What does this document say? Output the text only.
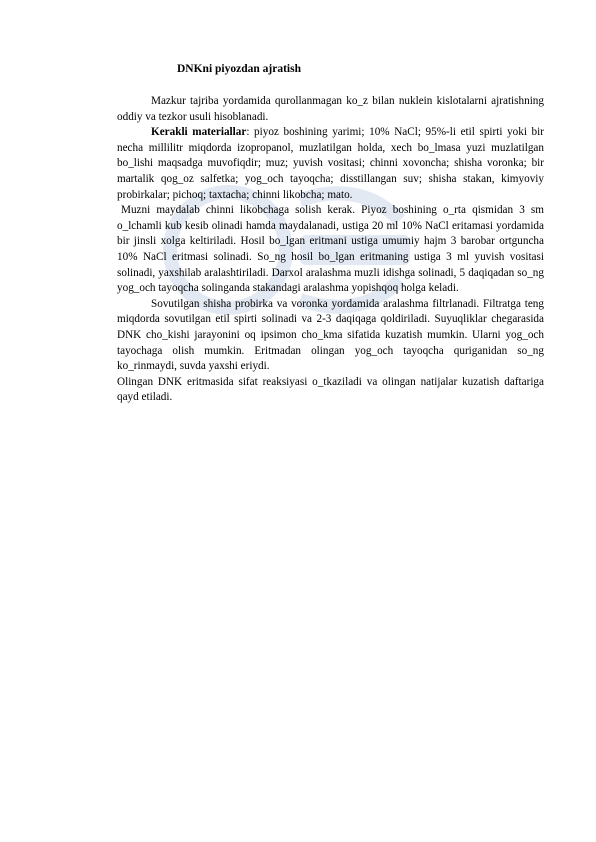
DNKni piyozdan ajratish

Mazkur tajriba yordamida qurollanmagan ko_z bilan nuklein kislotalarni ajratishning oddiy va tezkor usuli hisoblanadi.

Kerakli materiallar: piyoz boshining yarimi; 10% NaCl; 95%-li etil spirti yoki bir necha millilitr miqdorda izopropanol, muzlatilgan holda, xech bo_lmasa yuzi muzlatilgan bo_lishi maqsadga muvofiqdir; muz; yuvish vositasi; chinni xovoncha; shisha voronka; bir martalik qog_oz salfetka; yog_och tayoqcha; disstillangan suv; shisha stakan, kimyoviy probirkalar; pichoq; taxtacha; chinni likobcha; mato.

Muzni maydalab chinni likobchaga solish kerak. Piyoz boshining o_rta qismidan 3 sm o_lchamli kub kesib olinadi hamda maydalanadi, ustiga 20 ml 10% NaCl eritamasi yordamida bir jinsli xolga keltiriladi. Hosil bo_lgan eritmani ustiga umumiy hajm 3 barobar ortguncha 10% NaCl eritmasi solinadi. So_ng hosil bo_lgan eritmaning ustiga 3 ml yuvish vositasi solinadi, yaxshilab aralashtiriladi. Darxol aralashma muzli idishga solinadi, 5 daqiqadan so_ng yog_och tayoqcha solinganda stakandagi aralashma yopishqoq holga keladi.

Sovutilgan shisha probirka va voronka yordamida aralashma filtrlanadi. Filtratga teng miqdorda sovutilgan etil spirti solinadi va 2-3 daqiqaga qoldiriladi. Suyuqliklar chegarasida DNK cho_kishi jarayonini oq ipsimon cho_kma sifatida kuzatish mumkin. Ularni yog_och tayochaga olish mumkin. Eritmadan olingan yog_och tayoqcha quriganidan so_ng ko_rinmaydi, suvda yaxshi eriydi.

Olingan DNK eritmasida sifat reaksiyasi o_tkaziladi va olingan natijalar kuzatish daftariga qayd etiladi.
